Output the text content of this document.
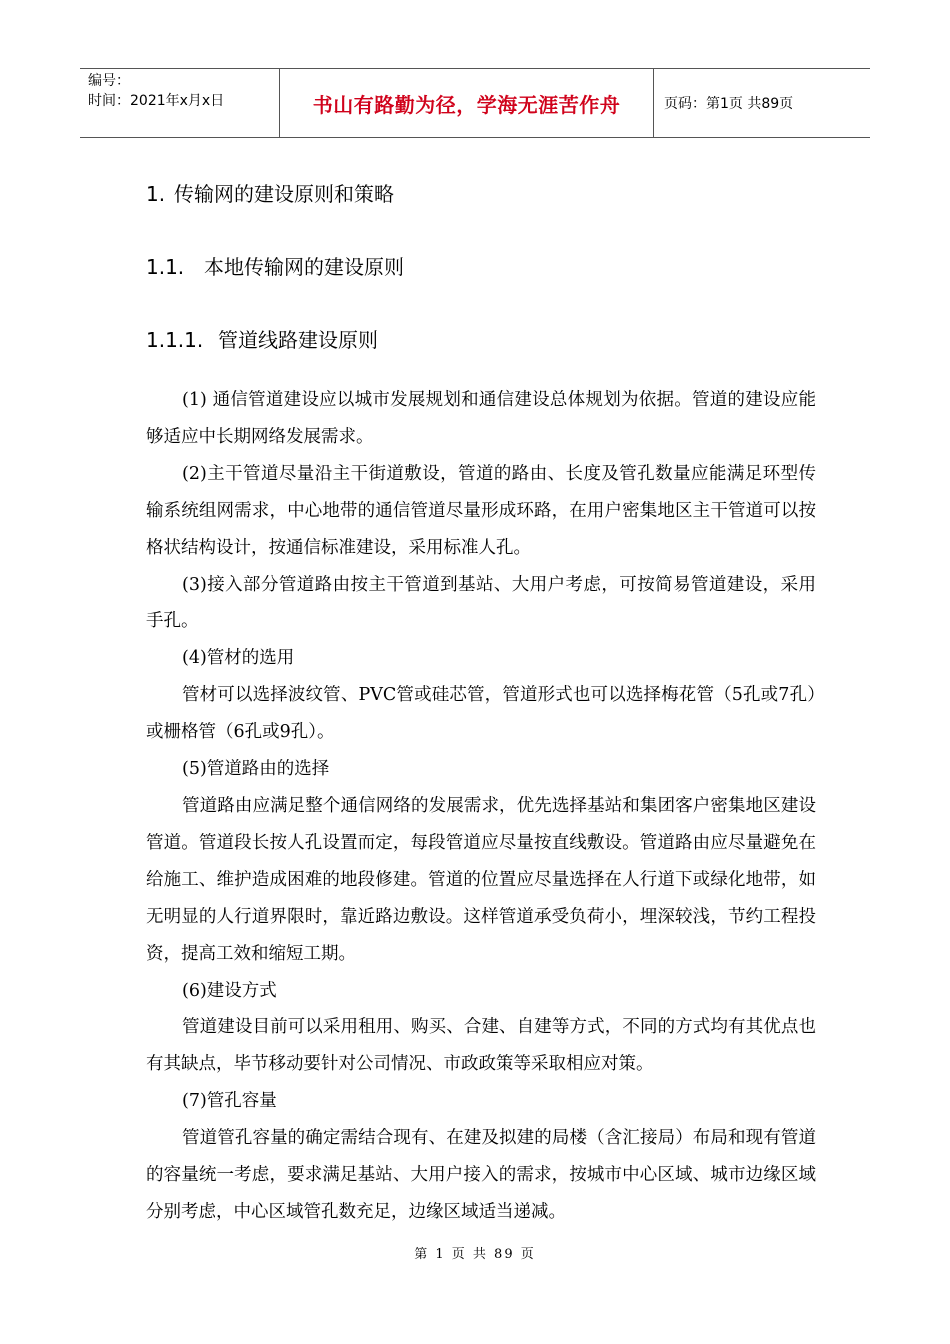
编号：
时间：2021年x月x日	书山有路勤为径，学海无涯苦作舟	页码：第1页 共89页
1. 传输网的建设原则和策略
1.1. 本地传输网的建设原则
1.1.1. 管道线路建设原则

(1) 通信管道建设应以城市发展规划和通信建设总体规划为依据。管道的建设应能够适应中长期网络发展需求。

(2)主干管道尽量沿主干街道敷设，管道的路由、长度及管孔数量应能满足环型传输系统组网需求，中心地带的通信管道尽量形成环路，在用户密集地区主干管道可以按格状结构设计，按通信标准建设，采用标准人孔。

(3)接入部分管道路由按主干管道到基站、大用户考虑，可按简易管道建设，采用手孔。

(4)管材的选用

管材可以选择波纹管、PVC管或硅芯管，管道形式也可以选择梅花管（5孔或7孔）或栅格管（6孔或9孔）。

(5)管道路由的选择

管道路由应满足整个通信网络的发展需求，优先选择基站和集团客户密集地区建设管道。管道段长按人孔设置而定，每段管道应尽量按直线敷设。管道路由应尽量避免在给施工、维护造成困难的地段修建。管道的位置应尽量选择在人行道下或绿化地带，如无明显的人行道界限时，靠近路边敷设。这样管道承受负荷小，埋深较浅，节约工程投资，提高工效和缩短工期。

(6)建设方式

管道建设目前可以采用租用、购买、合建、自建等方式，不同的方式均有其优点也有其缺点，毕节移动要针对公司情况、市政政策等采取相应对策。

(7)管孔容量

管道管孔容量的确定需结合现有、在建及拟建的局楼（含汇接局）布局和现有管道的容量统一考虑，要求满足基站、大用户接入的需求，按城市中心区域、城市边缘区域分别考虑，中心区域管孔数充足，边缘区域适当递减。

第 1 页 共 89 页
